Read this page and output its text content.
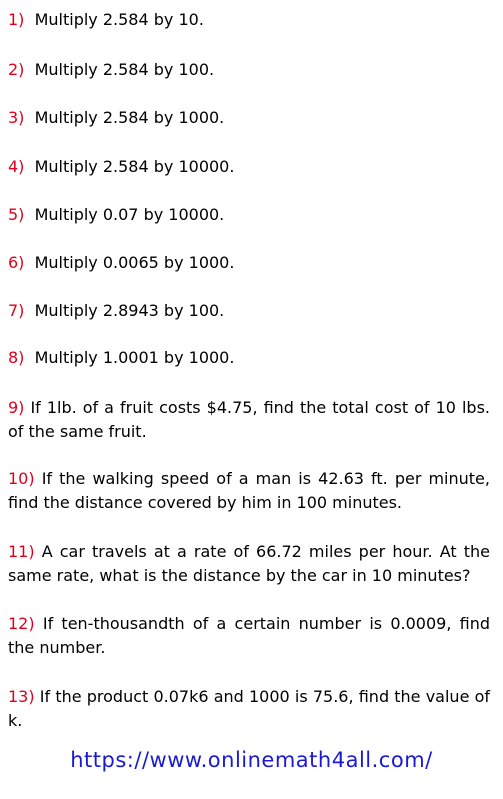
1) Multiply 2.584 by 10.

2) Multiply 2.584 by 100.

3) Multiply 2.584 by 1000.

4) Multiply 2.584 by 10000.

5) Multiply 0.07 by 10000.

6) Multiply 0.0065 by 1000.

7) Multiply 2.8943 by 100.

8) Multiply 1.0001 by 1000.

9) If 1lb. of a fruit costs $4.75, find the total cost of 10 lbs. of the same fruit.

10) If the walking speed of a man is 42.63 ft. per minute, find the distance covered by him in 100 minutes.

11) A car travels at a rate of 66.72 miles per hour. At the same rate, what is the distance by the car in 10 minutes?

12) If ten-thousandth of a certain number is 0.0009, find the number.

13) If the product 0.07k6 and 1000 is 75.6, find the value of k.

https://www.onlinemath4all.com/
